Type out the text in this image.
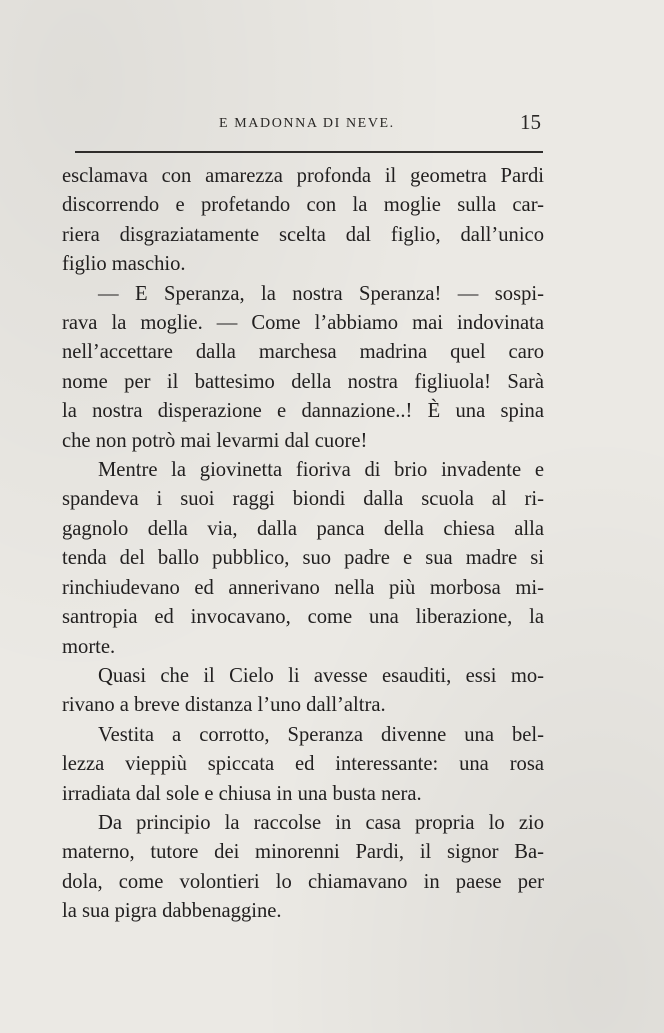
E MADONNA DI NEVE.	15

esclamava con amarezza profonda il geometra Pardi
discorrendo e profetando con la moglie sulla car-
riera disgraziatamente scelta dal figlio, dall’unico
figlio maschio.

— E Speranza, la nostra Speranza! — sospi-
rava la moglie. — Come l’abbiamo mai indovinata
nell’accettare dalla marchesa madrina quel caro
nome per il battesimo della nostra figliuola! Sarà
la nostra disperazione e dannazione..! È una spina
che non potrò mai levarmi dal cuore!

Mentre la giovinetta fioriva di brio invadente e
spandeva i suoi raggi biondi dalla scuola al ri-
gagnolo della via, dalla panca della chiesa alla
tenda del ballo pubblico, suo padre e sua madre si
rinchiudevano ed annerivano nella più morbosa mi-
santropia ed invocavano, come una liberazione, la
morte.

Quasi che il Cielo li avesse esauditi, essi mo-
rivano a breve distanza l’uno dall’altra.

Vestita a corrotto, Speranza divenne una bel-
lezza vieppiù spiccata ed interessante: una rosa
irradiata dal sole e chiusa in una busta nera.

Da principio la raccolse in casa propria lo zio
materno, tutore dei minorenni Pardi, il signor Ba-
dola, come volontieri lo chiamavano in paese per
la sua pigra dabbenaggine.
